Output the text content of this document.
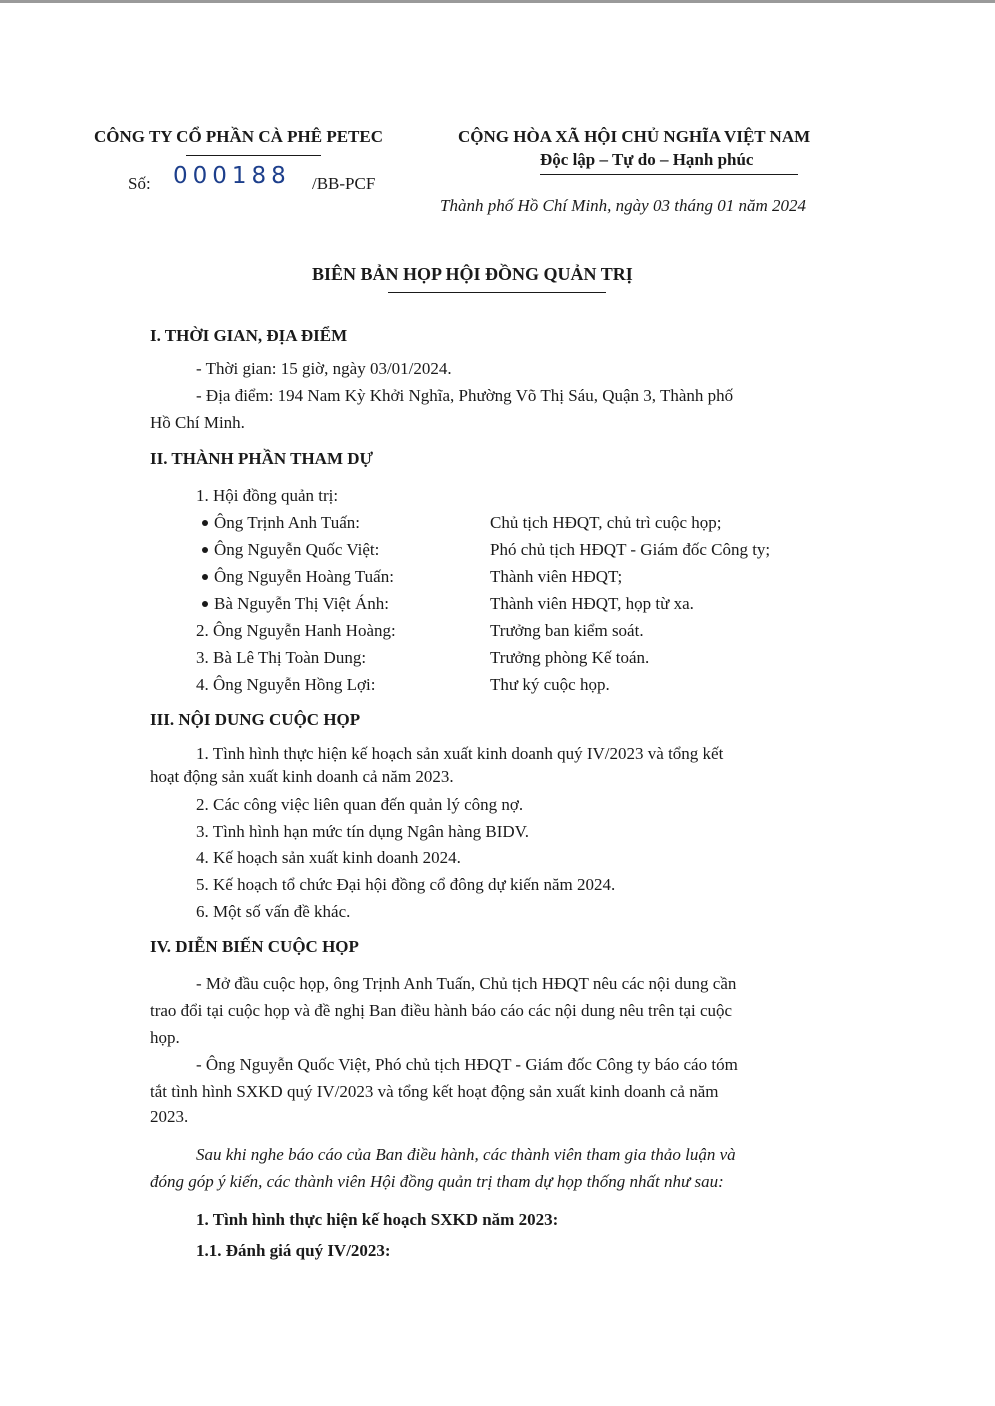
CÔNG TY CỔ PHẦN CÀ PHÊ PETEC
Số: 000188 /BB-PCF
CỘNG HÒA XÃ HỘI CHỦ NGHĨA VIỆT NAM
Độc lập – Tự do – Hạnh phúc
Thành phố Hồ Chí Minh, ngày 03 tháng 01 năm 2024
BIÊN BẢN HỌP HỘI ĐỒNG QUẢN TRỊ
I. THỜI GIAN, ĐỊA ĐIỂM
- Thời gian: 15 giờ, ngày 03/01/2024.
- Địa điểm: 194 Nam Kỳ Khởi Nghĩa, Phường Võ Thị Sáu, Quận 3, Thành phố
Hồ Chí Minh.
II. THÀNH PHẦN THAM DỰ
1. Hội đồng quản trị:
Ông Trịnh Anh Tuấn:	Chủ tịch HĐQT, chủ trì cuộc họp;
Ông Nguyễn Quốc Việt:	Phó chủ tịch HĐQT - Giám đốc Công ty;
Ông Nguyễn Hoàng Tuấn:	Thành viên HĐQT;
Bà Nguyễn Thị Việt Ánh:	Thành viên HĐQT, họp từ xa.
2. Ông Nguyễn Hanh Hoàng:	Trưởng ban kiểm soát.
3. Bà Lê Thị Toàn Dung:	Trưởng phòng Kế toán.
4. Ông Nguyễn Hồng Lợi:	Thư ký cuộc họp.
III. NỘI DUNG CUỘC HỌP
1. Tình hình thực hiện kế hoạch sản xuất kinh doanh quý IV/2023 và tổng kết
hoạt động sản xuất kinh doanh cả năm 2023.
2. Các công việc liên quan đến quản lý công nợ.
3. Tình hình hạn mức tín dụng Ngân hàng BIDV.
4. Kế hoạch sản xuất kinh doanh 2024.
5. Kế hoạch tổ chức Đại hội đồng cổ đông dự kiến năm 2024.
6. Một số vấn đề khác.
IV. DIỄN BIẾN CUỘC HỌP
- Mở đầu cuộc họp, ông Trịnh Anh Tuấn, Chủ tịch HĐQT nêu các nội dung cần
trao đổi tại cuộc họp và đề nghị Ban điều hành báo cáo các nội dung nêu trên tại cuộc
họp.
- Ông Nguyễn Quốc Việt, Phó chủ tịch HĐQT - Giám đốc Công ty báo cáo tóm
tắt tình hình SXKD quý IV/2023 và tổng kết hoạt động sản xuất kinh doanh cả năm
2023.
Sau khi nghe báo cáo của Ban điều hành, các thành viên tham gia thảo luận và
đóng góp ý kiến, các thành viên Hội đồng quản trị tham dự họp thống nhất như sau:
1. Tình hình thực hiện kế hoạch SXKD năm 2023:
1.1. Đánh giá quý IV/2023:
